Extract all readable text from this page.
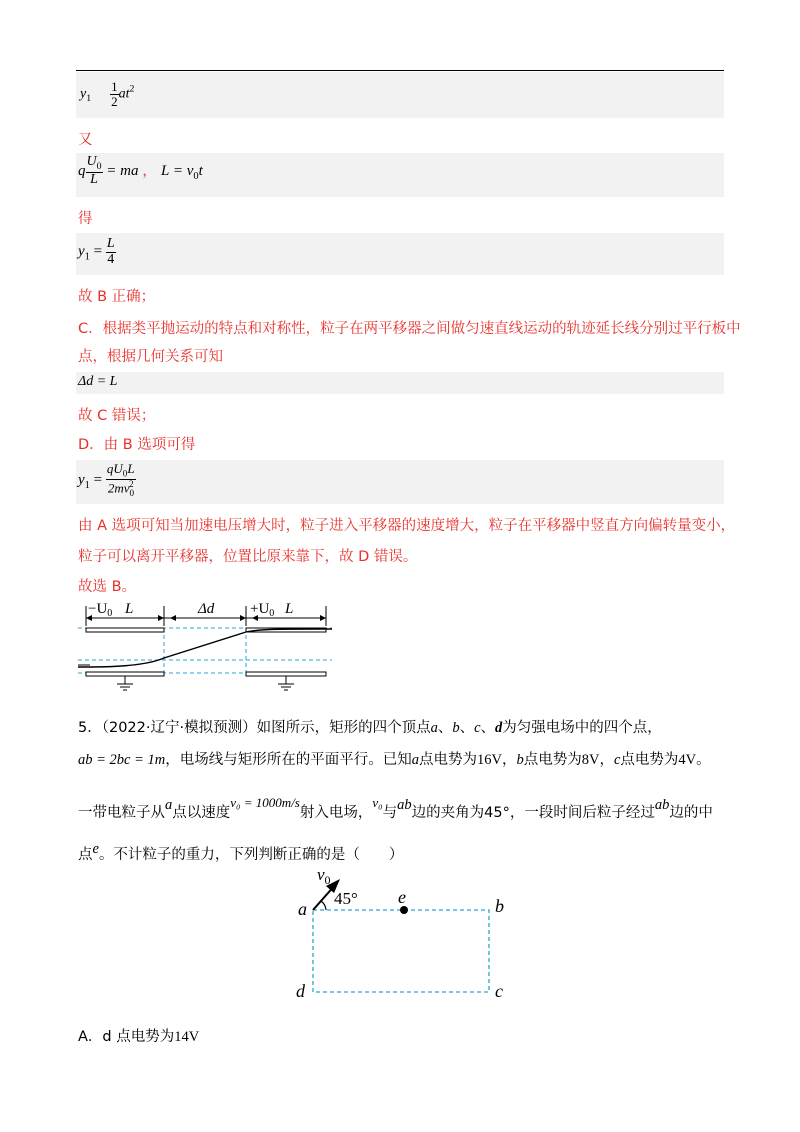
$y_1 \frac{1}{2} at^2$
又
q $\frac{U_0}{L}$ = ma ， $L = v_0t$
得
$y_1 = \frac{L}{4}$
故 B 正确；
C．根据类平抛运动的特点和对称性，粒子在两平移器之间做匀速直线运动的轨迹延长线分别过平行板中
点，根据几何关系可知
Δd = L
故 C 错误；
D．由 B 选项可得
$y_1 = \frac{qU_0L}{2mv_0^2}$
由 A 选项可知当加速电压增大时，粒子进入平移器的速度增大，粒子在平移器中竖直方向偏转量变小，
粒子可以离开平移器，位置比原来靠下，故 D 错误。
故选 B。
$-U_0$ L	$\Delta d +U_0$ L
5．（2022·辽宁·模拟预测）如图所示，矩形的四个顶点a、b、c、d为匀强电场中的四个点，
ab = 2bc = 1m，电场线与矩形所在的平面平行。已知a点电势为16V，b点电势为8V，c点电势为4V。
一带电粒子从a点以速度v₀ = 1000m/s射入电场，v₀与ab边的夹角为45°，一段时间后粒子经过ab边的中
点e。不计粒子的重力，下列判断正确的是（　　）
$v_0$
45°
a
e	b
d	c
A．d 点电势为14V
